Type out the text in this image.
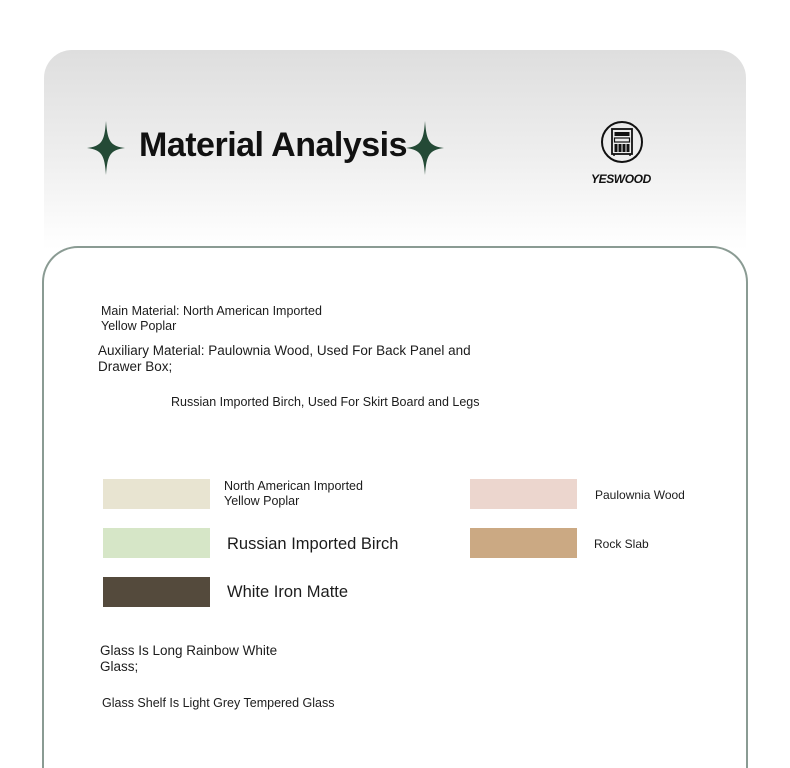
Material Analysis
YESWOOD
Main Material: North American Imported Yellow Poplar
Auxiliary Material: Paulownia Wood, Used For Back Panel and Drawer Box;
Russian Imported Birch, Used For Skirt Board and Legs
North American Imported Yellow Poplar
Russian Imported Birch
White Iron Matte
Paulownia Wood
Rock Slab
Glass Is Long Rainbow White Glass;
Glass Shelf Is Light Grey Tempered Glass
